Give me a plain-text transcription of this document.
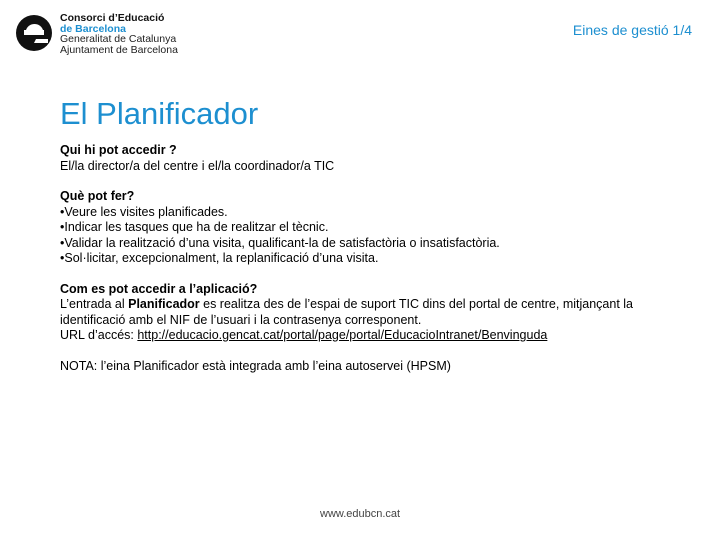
Consorci d’Educació
de Barcelona
Generalitat de Catalunya
Ajuntament de Barcelona
Eines de gestió 1/4
El Planificador

Qui hi pot accedir ?

El/la director/a del centre i el/la coordinador/a TIC

Què pot fer?

•Veure les visites planificades.

•Indicar les tasques que ha de realitzar el tècnic.

•Validar la realització d’una visita, qualificant-la de satisfactòria o insatisfactòria.

•Sol·licitar, excepcionalment, la replanificació d’una visita.

Com es pot accedir a l’aplicació?

L’entrada al Planificador es realitza des de l’espai de suport TIC dins del portal de centre, mitjançant la identificació amb el NIF de l’usuari i la contrasenya corresponent.

URL d’accés: http://educacio.gencat.cat/portal/page/portal/EducacioIntranet/Benvinguda

NOTA: l’eina Planificador està integrada amb l’eina autoservei (HPSM)

www.edubcn.cat
